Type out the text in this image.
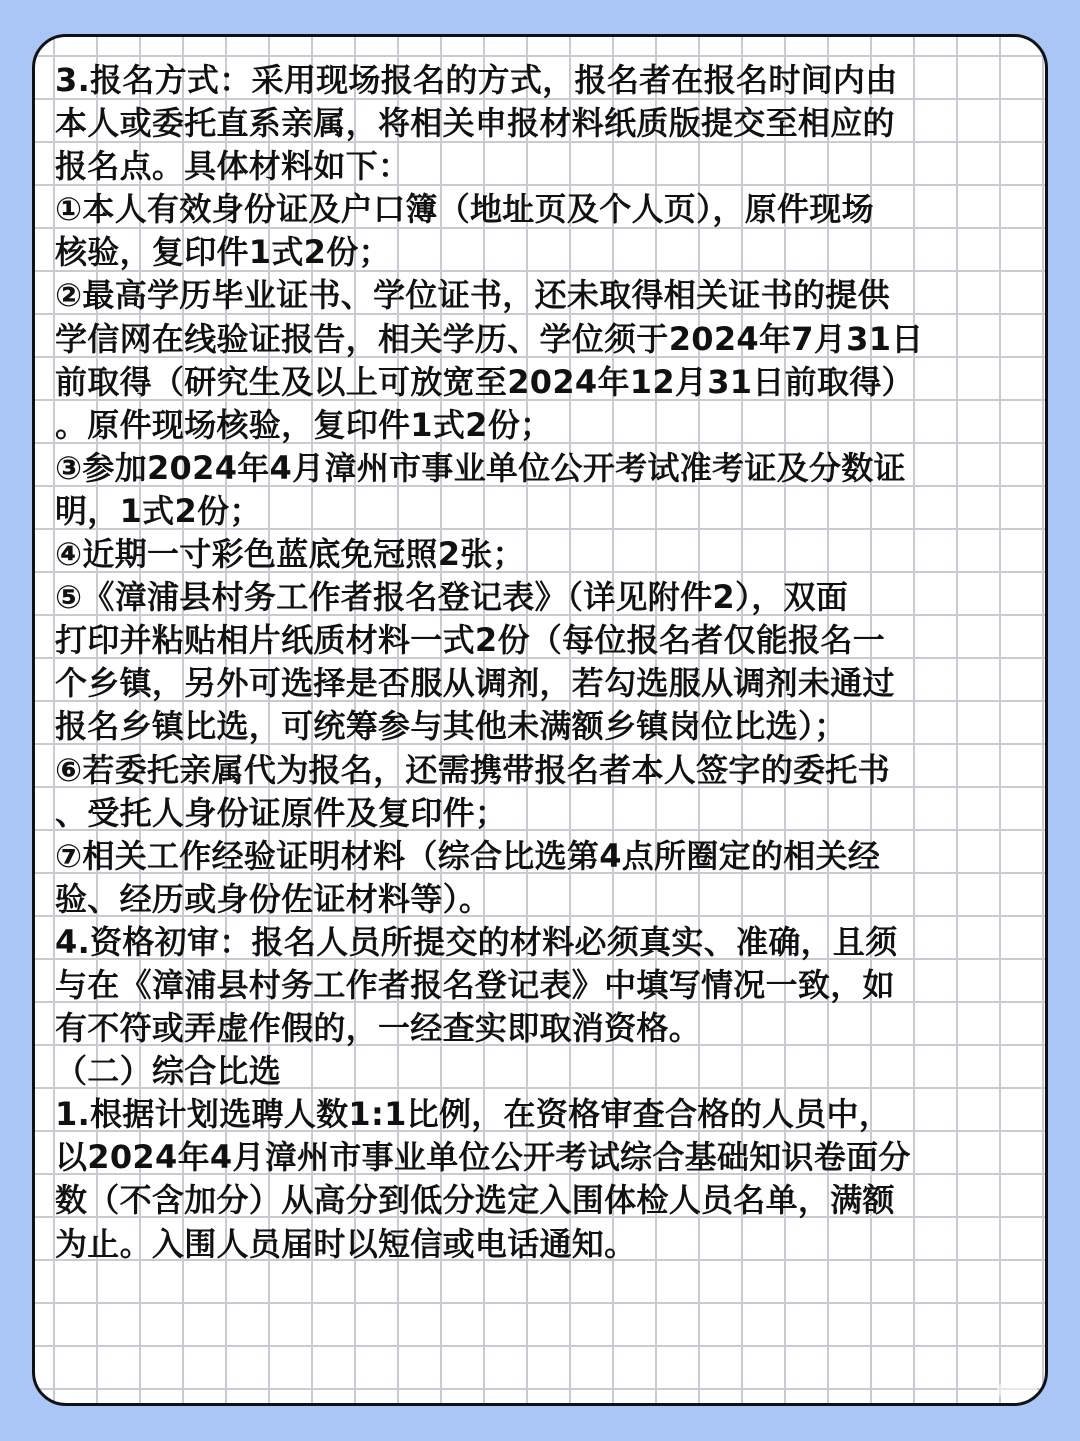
3.报名方式：采用现场报名的方式，报名者在报名时间内由
本人或委托直系亲属，将相关申报材料纸质版提交至相应的
报名点。具体材料如下：
①本人有效身份证及户口簿（地址页及个人页），原件现场
核验，复印件1式2份；
②最高学历毕业证书、学位证书，还未取得相关证书的提供
学信网在线验证报告，相关学历、学位须于2024年7月31日
前取得（研究生及以上可放宽至2024年12月31日前取得）
。原件现场核验，复印件1式2份；
③参加2024年4月漳州市事业单位公开考试准考证及分数证
明，1式2份；
④近期一寸彩色蓝底免冠照2张；
⑤《漳浦县村务工作者报名登记表》（详见附件2），双面
打印并粘贴相片纸质材料一式2份（每位报名者仅能报名一
个乡镇，另外可选择是否服从调剂，若勾选服从调剂未通过
报名乡镇比选，可统筹参与其他未满额乡镇岗位比选）；
⑥若委托亲属代为报名，还需携带报名者本人签字的委托书
、受托人身份证原件及复印件；
⑦相关工作经验证明材料（综合比选第4点所圈定的相关经
验、经历或身份佐证材料等）。
4.资格初审：报名人员所提交的材料必须真实、准确，且须
与在《漳浦县村务工作者报名登记表》中填写情况一致，如
有不符或弄虚作假的，一经查实即取消资格。
（二）综合比选
1.根据计划选聘人数1:1比例，在资格审查合格的人员中，
以2024年4月漳州市事业单位公开考试综合基础知识卷面分
数（不含加分）从高分到低分选定入围体检人员名单，满额
为止。入围人员届时以短信或电话通知。
